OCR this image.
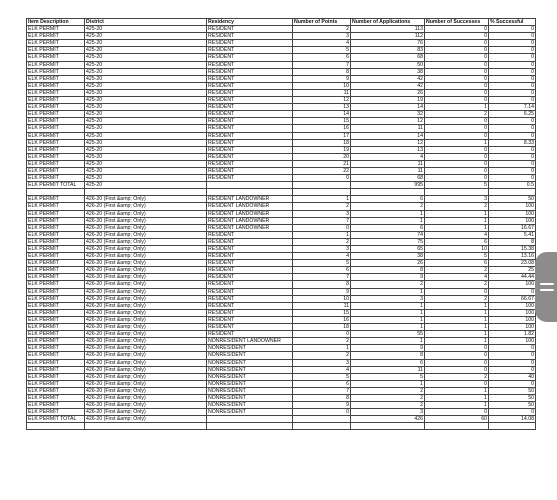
Item Description	District	Residency	Number of Points	Number of Applications	Number of Successes	% Successful
ELK PERMIT	425-20	RESIDENT	2	113	0	0
ELK PERMIT	425-20	RESIDENT	3	112	0	0
ELK PERMIT	425-20	RESIDENT	4	76	0	0
ELK PERMIT	425-20	RESIDENT	5	83	0	0
ELK PERMIT	425-20	RESIDENT	6	68	0	0
ELK PERMIT	425-20	RESIDENT	7	50	0	0
ELK PERMIT	425-20	RESIDENT	8	38	0	0
ELK PERMIT	425-20	RESIDENT	9	42	0	0
ELK PERMIT	425-20	RESIDENT	10	42	0	0
ELK PERMIT	425-20	RESIDENT	11	26	0	0
ELK PERMIT	425-20	RESIDENT	12	19	0	0
ELK PERMIT	425-20	RESIDENT	13	14	1	7.14
ELK PERMIT	425-20	RESIDENT	14	32	2	6.25
ELK PERMIT	425-20	RESIDENT	15	12	0	0
ELK PERMIT	425-20	RESIDENT	16	11	0	0
ELK PERMIT	425-20	RESIDENT	17	14	0	0
ELK PERMIT	425-20	RESIDENT	18	12	1	8.33
ELK PERMIT	425-20	RESIDENT	19	13	0	0
ELK PERMIT	425-20	RESIDENT	20	4	0	0
ELK PERMIT	425-20	RESIDENT	21	11	0	0
ELK PERMIT	425-20	RESIDENT	22	11	0	0
ELK PERMIT	425-20	RESIDENT	0	68	0	0
ELK PERMIT TOTAL	425-20			995	5	0.5

ELK PERMIT	426-20 (First &amp; Only)	RESIDENT LANDOWNER	1	6	3	50
ELK PERMIT	426-20 (First &amp; Only)	RESIDENT LANDOWNER	2	2	2	100
ELK PERMIT	426-20 (First &amp; Only)	RESIDENT LANDOWNER	3	1	1	100
ELK PERMIT	426-20 (First &amp; Only)	RESIDENT LANDOWNER	7	1	1	100
ELK PERMIT	426-20 (First &amp; Only)	RESIDENT LANDOWNER	0	6	1	16.67
ELK PERMIT	426-20 (First &amp; Only)	RESIDENT	1	74	4	5.41
ELK PERMIT	426-20 (First &amp; Only)	RESIDENT	2	75	6	8
ELK PERMIT	426-20 (First &amp; Only)	RESIDENT	3	65	10	15.38
ELK PERMIT	426-20 (First &amp; Only)	RESIDENT	4	38	5	13.16
ELK PERMIT	426-20 (First &amp; Only)	RESIDENT	5	26	6	23.08
ELK PERMIT	426-20 (First &amp; Only)	RESIDENT	6	8	2	25
ELK PERMIT	426-20 (First &amp; Only)	RESIDENT	7	9	4	44.44
ELK PERMIT	426-20 (First &amp; Only)	RESIDENT	8	2	2	100
ELK PERMIT	426-20 (First &amp; Only)	RESIDENT	9	1	0	0
ELK PERMIT	426-20 (First &amp; Only)	RESIDENT	10	3	2	66.67
ELK PERMIT	426-20 (First &amp; Only)	RESIDENT	11	1	1	100
ELK PERMIT	426-20 (First &amp; Only)	RESIDENT	15	1	1	100
ELK PERMIT	426-20 (First &amp; Only)	RESIDENT	16	1	1	100
ELK PERMIT	426-20 (First &amp; Only)	RESIDENT	18	1	1	100
ELK PERMIT	426-20 (First &amp; Only)	RESIDENT	0	55	1	1.82
ELK PERMIT	426-20 (First &amp; Only)	NONRESIDENT LANDOWNER	2	1	1	100
ELK PERMIT	426-20 (First &amp; Only)	NONRESIDENT	1	9	0	0
ELK PERMIT	426-20 (First &amp; Only)	NONRESIDENT	2	8	0	0
ELK PERMIT	426-20 (First &amp; Only)	NONRESIDENT	3	6	0	0
ELK PERMIT	426-20 (First &amp; Only)	NONRESIDENT	4	11	0	0
ELK PERMIT	426-20 (First &amp; Only)	NONRESIDENT	5	5	2	40
ELK PERMIT	426-20 (First &amp; Only)	NONRESIDENT	6	1	0	0
ELK PERMIT	426-20 (First &amp; Only)	NONRESIDENT	7	2	1	50
ELK PERMIT	426-20 (First &amp; Only)	NONRESIDENT	8	2	1	50
ELK PERMIT	426-20 (First &amp; Only)	NONRESIDENT	9	2	1	50
ELK PERMIT	426-20 (First &amp; Only)	NONRESIDENT	0	3	0	0
ELK PERMIT TOTAL	426-20 (First &amp; Only)			426	60	14.08
